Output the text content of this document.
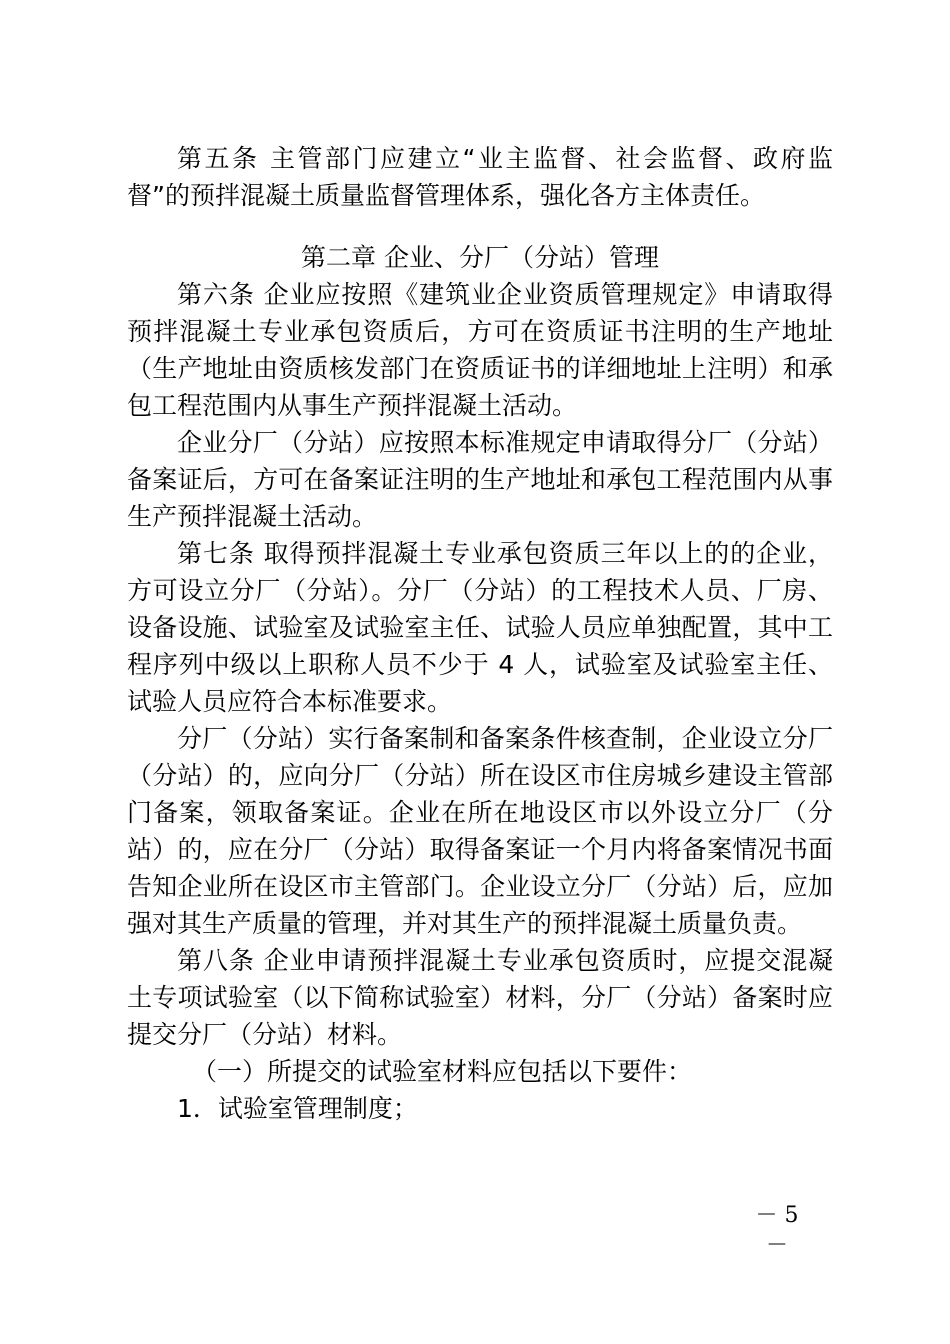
第五条 主管部门应建立“业主监督、社会监督、政府监督”的预拌混凝土质量监督管理体系，强化各方主体责任。

第二章 企业、分厂（分站）管理

第六条 企业应按照《建筑业企业资质管理规定》申请取得预拌混凝土专业承包资质后，方可在资质证书注明的生产地址（生产地址由资质核发部门在资质证书的详细地址上注明）和承包工程范围内从事生产预拌混凝土活动。

企业分厂（分站）应按照本标准规定申请取得分厂（分站）备案证后，方可在备案证注明的生产地址和承包工程范围内从事生产预拌混凝土活动。

第七条 取得预拌混凝土专业承包资质三年以上的的企业，方可设立分厂（分站）。分厂（分站）的工程技术人员、厂房、设备设施、试验室及试验室主任、试验人员应单独配置，其中工程序列中级以上职称人员不少于 4 人，试验室及试验室主任、试验人员应符合本标准要求。

分厂（分站）实行备案制和备案条件核查制，企业设立分厂（分站）的，应向分厂（分站）所在设区市住房城乡建设主管部门备案，领取备案证。企业在所在地设区市以外设立分厂（分站）的，应在分厂（分站）取得备案证一个月内将备案情况书面告知企业所在设区市主管部门。企业设立分厂（分站）后，应加强对其生产质量的管理，并对其生产的预拌混凝土质量负责。

第八条 企业申请预拌混凝土专业承包资质时，应提交混凝土专项试验室（以下简称试验室）材料，分厂（分站）备案时应提交分厂（分站）材料。

（一）所提交的试验室材料应包括以下要件：

1．试验室管理制度；

－ 5 －
